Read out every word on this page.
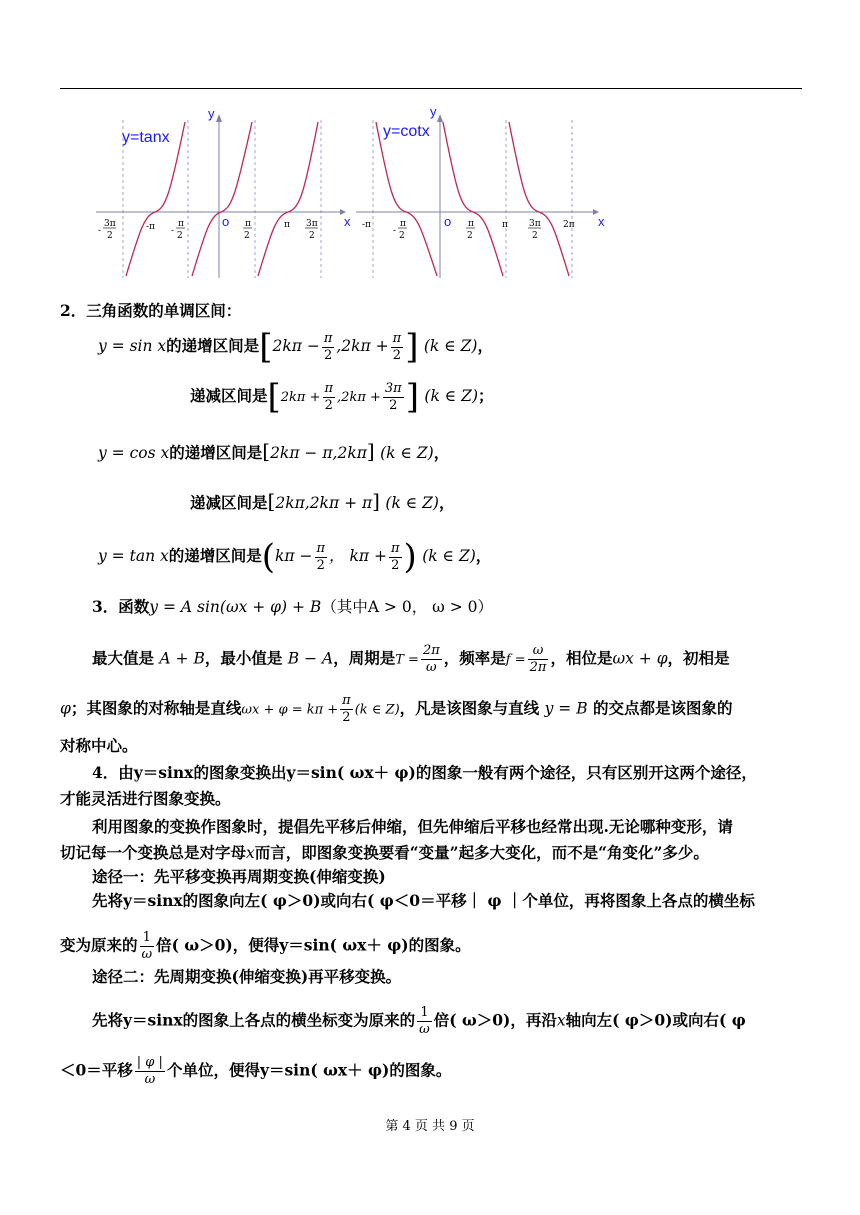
y=tanx
y
x
o
-
3π
2
-π -
π
2
π
2
π 3π
2
y=cotx
y
x
o
-π
-
π
2
π
2
π 3π
2
2π
2．三角函数的单调区间：
y = sin x的递增区间是[$2k\pi - \frac{\pi}{2} ,2k\pi + \frac{\pi}{2}$ ] (k ∈ Z)，
递减区间是[$2k\pi + \frac{\pi}{2} ,2k\pi + \frac{3\pi}{2}$ ] (k ∈ Z)；
y = cos x的递增区间是[2kπ − π,2kπ] (k ∈ Z)，
递减区间是[2kπ,2kπ + π] (k ∈ Z)，
y = tan x的递增区间是($k\pi - \frac{\pi}{2}$ ， $k\pi + \frac{\pi}{2}$ ) (k ∈ Z)，
3．函数y = A sin(ωx + φ) + B（其中A > 0， ω > 0）
最大值是 A + B，最小值是 B − A，周期是$T = \frac{2\pi}{\omega}$ ，频率是$f = \frac{\omega}{2\pi}$ ，相位是ωx + φ，初相是
φ；其图象的对称轴是直线$\omega x + \varphi = k\pi + \frac{\pi}{2} (k$ ∈ Z)，凡是该图象与直线 y = B 的交点都是该图象的
对称中心。
4．由y＝sinx的图象变换出y＝sin( ωx＋ φ)的图象一般有两个途径，只有区别开这两个途径，
才能灵活进行图象变换。
利用图象的变换作图象时，提倡先平移后伸缩，但先伸缩后平移也经常出现.无论哪种变形，请
切记每一个变换总是对字母x而言，即图象变换要看“变量”起多大变化，而不是“角变化”多少。
途径一：先平移变换再周期变换(伸缩变换)
先将y＝sinx的图象向左( φ＞0)或向右( φ＜0＝平移｜ φ ｜个单位，再将图象上各点的横坐标
变为原来的 $\frac{1}{\omega}$ 倍( ω＞0)，便得y＝sin( ωx＋ φ)的图象。
途径二：先周期变换(伸缩变换)再平移变换。
先将y＝sinx的图象上各点的横坐标变为原来的 $\frac{1}{\omega}$ 倍( ω＞0)，再沿x轴向左( φ＞0)或向右( φ
＜0＝平移 $\frac{| \varphi |}{\omega}$ 个单位，便得y＝sin( ωx＋ φ)的图象。
第 4 页 共 9 页
